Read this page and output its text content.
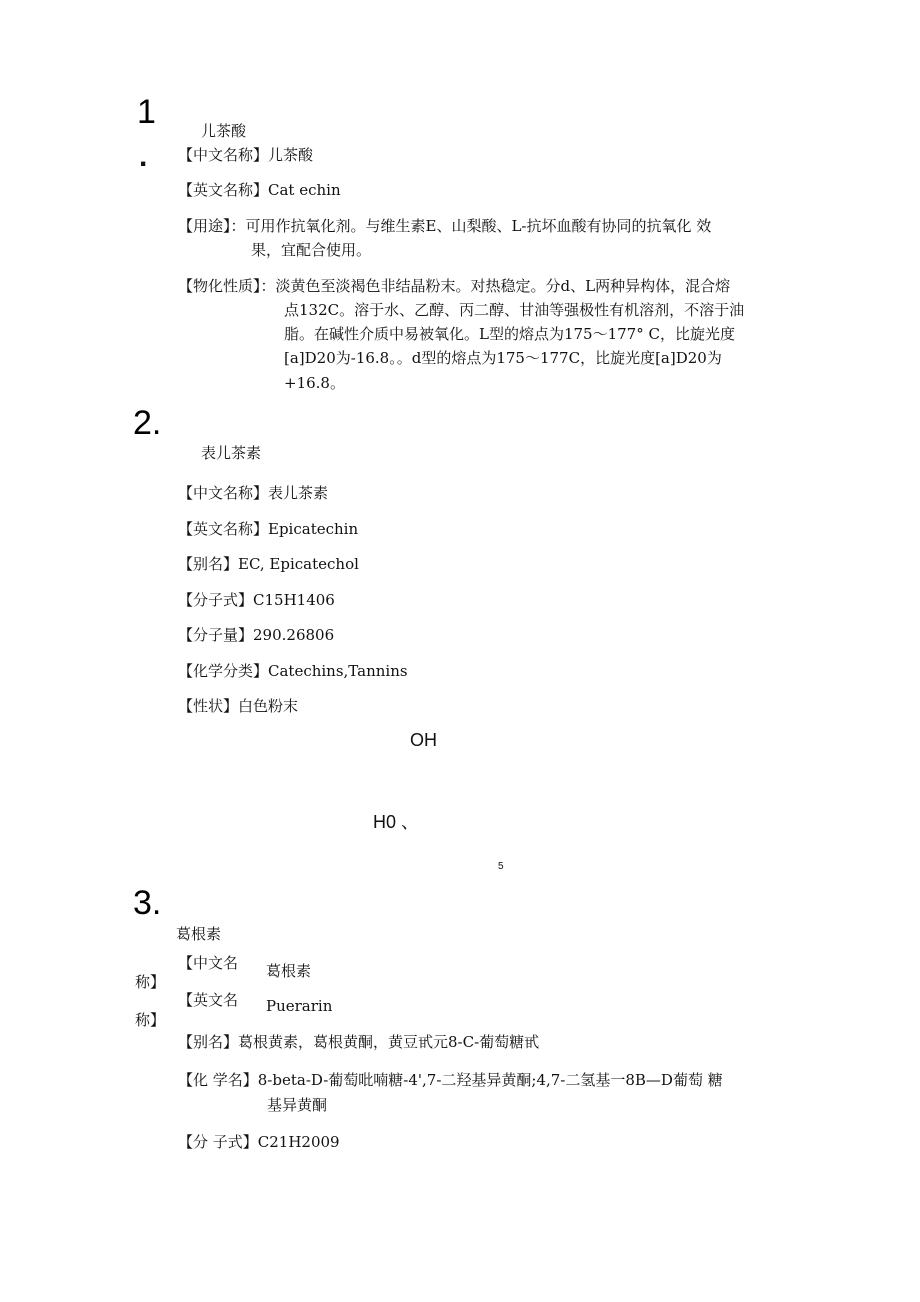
1
.
儿茶酸
【中文名称】儿茶酸
【英文名称】Cat echin
【用途】：可用作抗氧化剂。与维生素E、山梨酸、L-抗坏血酸有协同的抗氧化 效
果，宜配合使用。
【物化性质】：淡黄色至淡褐色非结晶粉末。对热稳定。分d、L两种异构体，混合熔
点132C。溶于水、乙醇、丙二醇、甘油等强极性有机溶剂，不溶于油
脂。在碱性介质中易被氧化。L型的熔点为175〜177° C，比旋光度
[a]D20为-16.8。。d型的熔点为175〜177C，比旋光度[a]D20为
+16.8。
2.
表儿茶素
【中文名称】表儿茶素
【英文名称】Epicatechin
【别名】EC, Epicatechol
【分子式】C15H1406
【分子量】290.26806
【化学分类】Catechins,Tannins
【性状】白色粉末
OH
H0 、
5
3.
葛根素
【中文名 葛根素
称】
【英文名 Puerarin
称】
【别名】葛根黄素，葛根黄酮，黄豆甙元8-C-葡萄糖甙
【化 学名】8-beta-D-葡萄吡喃糖-4',7-二羟基异黄酮;4,7-二氢基一8B—D葡萄 糖
基异黄酮
【分 子式】C21H2009
